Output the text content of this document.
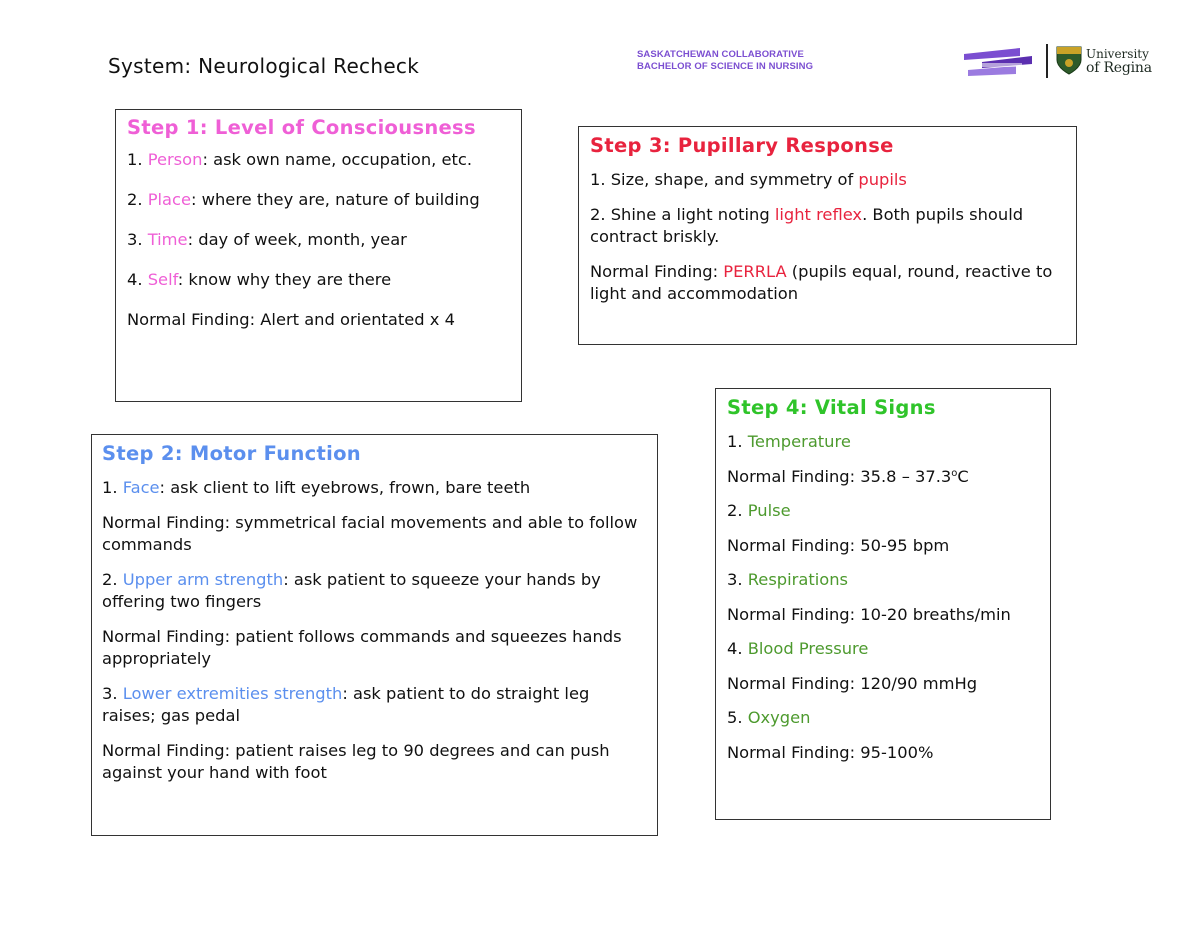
System: Neurological Recheck	SASKATCHEWAN COLLABORATIVE
BACHELOR OF SCIENCE IN NURSING
University
of Regina
Step 1: Level of Consciousness

1. Person: ask own name, occupation, etc.

2. Place: where they are, nature of building

3. Time: day of week, month, year

4. Self: know why they are there

Normal Finding: Alert and orientated x 4

Step 3: Pupillary Response

1. Size, shape, and symmetry of pupils

2. Shine a light noting light reflex. Both pupils should contract briskly.

Normal Finding: PERRLA (pupils equal, round, reactive to light and accommodation

Step 2: Motor Function

1. Face: ask client to lift eyebrows, frown, bare teeth

Normal Finding: symmetrical facial movements and able to follow commands

2. Upper arm strength: ask patient to squeeze your hands by offering two fingers

Normal Finding: patient follows commands and squeezes hands appropriately

3. Lower extremities strength: ask patient to do straight leg raises; gas pedal

Normal Finding: patient raises leg to 90 degrees and can push against your hand with foot

Step 4: Vital Signs

1. Temperature

Normal Finding: 35.8 – 37.3$^o$C

2. Pulse

Normal Finding: 50-95 bpm

3. Respirations

Normal Finding: 10-20 breaths/min

4. Blood Pressure

Normal Finding: 120/90 mmHg

5. Oxygen

Normal Finding: 95-100%
